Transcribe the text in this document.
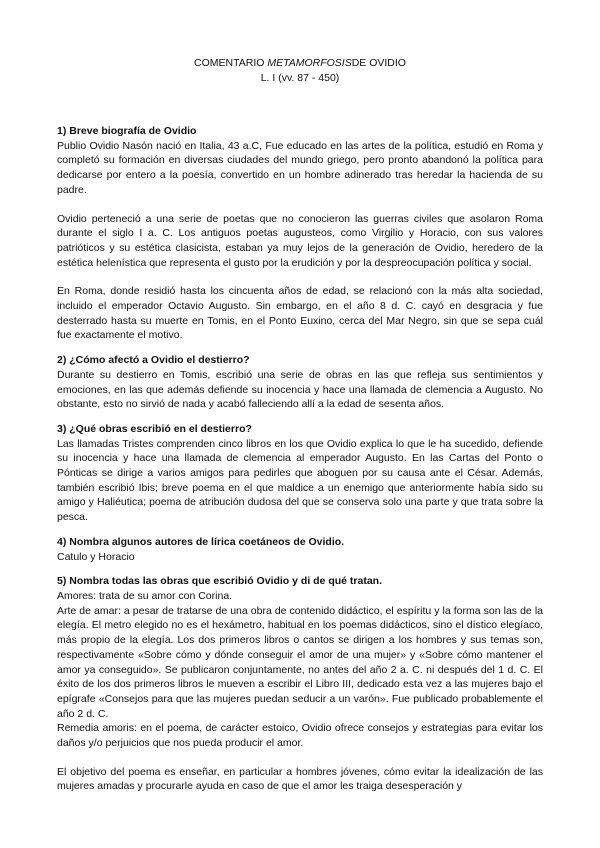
COMENTARIO METAMORFOSISDE OVIDIO
L. I (vv. 87 - 450)
1) Breve biografía de Ovidio

Publio Ovidio Nasón nació en Italia, 43 a.C, Fue educado en las artes de la política, estudió en Roma y completó su formación en diversas ciudades del mundo griego, pero pronto abandonó la política para dedicarse por entero a la poesía, convertido en un hombre adinerado tras heredar la hacienda de su padre.

Ovidio perteneció a una serie de poetas que no conocieron las guerras civiles que asolaron Roma durante el siglo I a. C. Los antiguos poetas augusteos, como Virgilio y Horacio, con sus valores patrióticos y su estética clasicista, estaban ya muy lejos de la generación de Ovidio, heredero de la estética helenística que representa el gusto por la erudición y por la despreocupación política y social.

En Roma, donde residió hasta los cincuenta años de edad, se relacionó con la más alta sociedad, incluido el emperador Octavio Augusto. Sin embargo, en el año 8 d. C. cayó en desgracia y fue desterrado hasta su muerte en Tomis, en el Ponto Euxino, cerca del Mar Negro, sin que se sepa cuál fue exactamente el motivo.

2) ¿Cómo afectó a Ovidio el destierro?

Durante su destierro en Tomis, escribió una serie de obras en las que refleja sus sentimientos y emociones, en las que además defiende su inocencia y hace una llamada de clemencia a Augusto. No obstante, esto no sirvió de nada y acabó falleciendo allí a la edad de sesenta años.

3) ¿Qué obras escribió en el destierro?

Las llamadas Tristes comprenden cinco libros en los que Ovidio explica lo que le ha sucedido, defiende su inocencia y hace una llamada de clemencia al emperador Augusto. En las Cartas del Ponto o Pónticas se dirige a varios amigos para pedirles que aboguen por su causa ante el César. Además, también escribió Ibis; breve poema en el que maldice a un enemigo que anteriormente había sido su amigo y Haliéutica; poema de atribución dudosa del que se conserva solo una parte y que trata sobre la pesca.

4) Nombra algunos autores de lírica coetáneos de Ovidio.

Catulo y Horacio

5) Nombra todas las obras que escribió Ovidio y di de qué tratan.

Amores: trata de su amor con Corina.

Arte de amar: a pesar de tratarse de una obra de contenido didáctico, el espíritu y la forma son las de la elegía. El metro elegido no es el hexámetro, habitual en los poemas didácticos, sino el dístico elegíaco, más propio de la elegía. Los dos primeros libros o cantos se dirigen a los hombres y sus temas son, respectivamente «Sobre cómo y dónde conseguir el amor de una mujer» y «Sobre cómo mantener el amor ya conseguido». Se publicaron conjuntamente, no antes del año 2 a. C. ni después del 1 d. C. El éxito de los dos primeros libros le mueven a escribir el Libro III, dedicado esta vez a las mujeres bajo el epígrafe «Consejos para que las mujeres puedan seducir a un varón». Fue publicado probablemente el año 2 d. C.

Remedia amoris: en el poema, de carácter estoico, Ovidio ofrece consejos y estrategias para evitar los daños y/o perjuicios que nos pueda producir el amor.

El objetivo del poema es enseñar, en particular a hombres jóvenes, cómo evitar la idealización de las mujeres amadas y procurarle ayuda en caso de que el amor les traiga desesperación y
